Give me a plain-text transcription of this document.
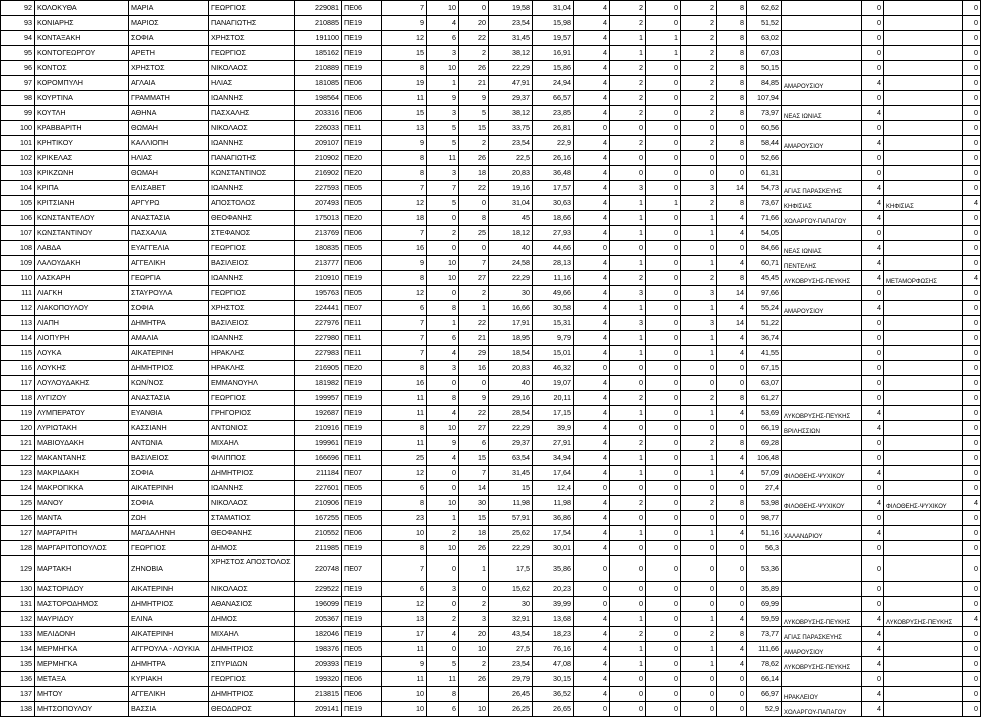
92	ΚΟΛΟΚΥΘΑ	ΜΑΡΙΑ	ΓΕΩΡΓΙΟΣ	229081	ΠΕ06	7	10	0	19,58	31,04	4	2	0	2	8	62,62		0		0
93	ΚΟΝΙΑΡΗΣ	ΜΑΡΙΟΣ	ΠΑΝΑΓΙΩΤΗΣ	210885	ΠΕ19	9	4	20	23,54	15,98	4	2	0	2	8	51,52		0		0
94	ΚΟΝΤΑΞΑΚΗ	ΣΟΦΙΑ	ΧΡΗΣΤΟΣ	191100	ΠΕ19	12	6	22	31,45	19,57	4	1	1	2	8	63,02		0		0
95	ΚΟΝΤΟΓΕΩΡΓΟΥ	ΑΡΕΤΗ	ΓΕΩΡΓΙΟΣ	185162	ΠΕ19	15	3	2	38,12	16,91	4	1	1	2	8	67,03		0		0
96	ΚΟΝΤΟΣ	ΧΡΗΣΤΟΣ	ΝΙΚΟΛΑΟΣ	210889	ΠΕ19	8	10	26	22,29	15,86	4	2	0	2	8	50,15		0		0
97	ΚΟΡΟΜΠΥΛΗ	ΑΓΛΑΙΑ	ΗΛΙΑΣ	181085	ΠΕ06	19	1	21	47,91	24,94	4	2	0	2	8	84,85	ΑΜΑΡΟΥΣΙΟΥ	4		0
98	ΚΟΥΡΤΙΝΑ	ΓΡΑΜΜΑΤΗ	ΙΩΑΝΝΗΣ	198564	ΠΕ06	11	9	9	29,37	66,57	4	2	0	2	8	107,94		0		0
99	ΚΟΥΤΛΗ	ΑΘΗΝΑ	ΠΑΣΧΑΛΗΣ	203316	ΠΕ06	15	3	5	38,12	23,85	4	2	0	2	8	73,97	ΝΕΑΣ ΙΩΝΙΑΣ	4		0
100	ΚΡΑΒΒΑΡΙΤΗ	ΘΩΜΑΗ	ΝΙΚΟΛΑΟΣ	226033	ΠΕ11	13	5	15	33,75	26,81	0	0	0	0	0	60,56		0		0
101	ΚΡΗΤΙΚΟΥ	ΚΑΛΛΙΟΠΗ	ΙΩΑΝΝΗΣ	209107	ΠΕ19	9	5	2	23,54	22,9	4	2	0	2	8	58,44	ΑΜΑΡΟΥΣΙΟΥ	4		0
102	ΚΡΙΚΕΛΑΣ	ΗΛΙΑΣ	ΠΑΝΑΓΙΩΤΗΣ	210902	ΠΕ20	8	11	26	22,5	26,16	4	0	0	0	0	52,66		0		0
103	ΚΡΙΚΖΩΝΗ	ΘΩΜΑΗ	ΚΩΝΣΤΑΝΤΙΝΟΣ	216902	ΠΕ20	8	3	18	20,83	36,48	4	0	0	0	0	61,31		0		0
104	ΚΡΙΠΑ	ΕΛΙΣΑΒΕΤ	ΙΩΑΝΝΗΣ	227593	ΠΕ05	7	7	22	19,16	17,57	4	3	0	3	14	54,73	ΑΓΙΑΣ ΠΑΡΑΣΚΕΥΗΣ	4		0
105	ΚΡΙΤΣΙΑΝΗ	ΑΡΓΥΡΩ	ΑΠΟΣΤΟΛΟΣ	207493	ΠΕ05	12	5	0	31,04	30,63	4	1	1	2	8	73,67	ΚΗΦΙΣΙΑΣ	4	ΚΗΦΙΣΙΑΣ	4
106	ΚΩΝΣΤΑΝΤΕΛΟΥ	ΑΝΑΣΤΑΣΙΑ	ΘΕΟΦΑΝΗΣ	175013	ΠΕ20	18	0	8	45	18,66	4	1	0	1	4	71,66	ΧΟΛΑΡΓΟΥ-ΠΑΠΑΓΟΥ	4		0
107	ΚΩΝΣΤΑΝΤΙΝΟΥ	ΠΑΣΧΑΛΙΑ	ΣΤΕΦΑΝΟΣ	213769	ΠΕ06	7	2	25	18,12	27,93	4	1	0	1	4	54,05		0		0
108	ΛΑΒΔΑ	ΕΥΑΓΓΕΛΙΑ	ΓΕΩΡΓΙΟΣ	180835	ΠΕ05	16	0	0	40	44,66	0	0	0	0	0	84,66	ΝΕΑΣ ΙΩΝΙΑΣ	4		0
109	ΛΑΛΟΥΔΑΚΗ	ΑΓΓΕΛΙΚΗ	ΒΑΣΙΛΕΙΟΣ	213777	ΠΕ06	9	10	7	24,58	28,13	4	1	0	1	4	60,71	ΠΕΝΤΕΛΗΣ	4		0
110	ΛΑΣΚΑΡΗ	ΓΕΩΡΓΙΑ	ΙΩΑΝΝΗΣ	210910	ΠΕ19	8	10	27	22,29	11,16	4	2	0	2	8	45,45	ΛΥΚΟΒΡΥΣΗΣ-ΠΕΥΚΗΣ	4	ΜΕΤΑΜΟΡΦΩΣΗΣ	4
111	ΛΙΑΓΚΗ	ΣΤΑΥΡΟΥΛΑ	ΓΕΩΡΓΙΟΣ	195763	ΠΕ05	12	0	2	30	49,66	4	3	0	3	14	97,66		0		0
112	ΛΙΑΚΟΠΟΥΛΟΥ	ΣΟΦΙΑ	ΧΡΗΣΤΟΣ	224441	ΠΕ07	6	8	1	16,66	30,58	4	1	0	1	4	55,24	ΑΜΑΡΟΥΣΙΟΥ	4		0
113	ΛΙΑΠΗ	ΔΗΜΗΤΡΑ	ΒΑΣΙΛΕΙΟΣ	227976	ΠΕ11	7	1	22	17,91	15,31	4	3	0	3	14	51,22		0		0
114	ΛΙΟΠΥΡΗ	ΑΜΑΛΙΑ	ΙΩΑΝΝΗΣ	227980	ΠΕ11	7	6	21	18,95	9,79	4	1	0	1	4	36,74		0		0
115	ΛΟΥΚΑ	ΑΙΚΑΤΕΡΙΝΗ	ΗΡΑΚΛΗΣ	227983	ΠΕ11	7	4	29	18,54	15,01	4	1	0	1	4	41,55		0		0
116	ΛΟΥΚΗΣ	ΔΗΜΗΤΡΙΟΣ	ΗΡΑΚΛΗΣ	216905	ΠΕ20	8	3	16	20,83	46,32	0	0	0	0	0	67,15		0		0
117	ΛΟΥΛΟΥΔΑΚΗΣ	ΚΩΝ/ΝΟΣ	ΕΜΜΑΝΟΥΗΛ	181982	ΠΕ19	16	0	0	40	19,07	4	0	0	0	0	63,07		0		0
118	ΛΥΓΙΖΟΥ	ΑΝΑΣΤΑΣΙΑ	ΓΕΩΡΓΙΟΣ	199957	ΠΕ19	11	8	9	29,16	20,11	4	2	0	2	8	61,27		0		0
119	ΛΥΜΠΕΡΑΤΟΥ	ΕΥΑΝΘΙΑ	ΓΡΗΓΟΡΙΟΣ	192687	ΠΕ19	11	4	22	28,54	17,15	4	1	0	1	4	53,69	ΛΥΚΟΒΡΥΣΗΣ-ΠΕΥΚΗΣ	4		0
120	ΛΥΡΙΩΤΑΚΗ	ΚΑΣΣΙΑΝΗ	ΑΝΤΩΝΙΟΣ	210916	ΠΕ19	8	10	27	22,29	39,9	4	0	0	0	0	66,19	ΒΡΙΛΗΣΣΙΩΝ	4		0
121	ΜΑΒΙΟΥΔΑΚΗ	ΑΝΤΩΝΙΑ	ΜΙΧΑΗΛ	199961	ΠΕ19	11	9	6	29,37	27,91	4	2	0	2	8	69,28		0		0
122	ΜΑΚΑΝΤΑΝΗΣ	ΒΑΣΙΛΕΙΟΣ	ΦΙΛΙΠΠΟΣ	166696	ΠΕ11	25	4	15	63,54	34,94	4	1	0	1	4	106,48		0		0
123	ΜΑΚΡΙΔΑΚΗ	ΣΟΦΙΑ	ΔΗΜΗΤΡΙΟΣ	211184	ΠΕ07	12	0	7	31,45	17,64	4	1	0	1	4	57,09	ΦΙΛΟΘΕΗΣ-ΨΥΧΙΚΟΥ	4		0
124	ΜΑΚΡΟΓΙΚΚΑ	ΑΙΚΑΤΕΡΙΝΗ	ΙΩΑΝΝΗΣ	227601	ΠΕ05	6	0	14	15	12,4	0	0	0	0	0	27,4		0		0
125	ΜΑΝΟΥ	ΣΟΦΙΑ	ΝΙΚΟΛΑΟΣ	210906	ΠΕ19	8	10	30	11,98	11,98	4	2	0	2	8	53,98	ΦΙΛΟΘΕΗΣ-ΨΥΧΙΚΟΥ	4	ΦΙΛΟΘΕΗΣ-ΨΥΧΙΚΟΥ	4
126	ΜΑΝΤΑ	ΖΩΗ	ΣΤΑΜΑΤΙΟΣ	167255	ΠΕ05	23	1	15	57,91	36,86	4	0	0	0	0	98,77		0		0
127	ΜΑΡΓΑΡΙΤΗ	ΜΑΓΔΑΛΗΝΗ	ΘΕΟΦΑΝΗΣ	210552	ΠΕ06	10	2	18	25,62	17,54	4	1	0	1	4	51,16	ΧΑΛΑΝΔΡΙΟΥ	4		0
128	ΜΑΡΓΑΡΙΤΟΠΟΥΛΟΣ	ΓΕΩΡΓΙΟΣ	ΔΗΜΟΣ	211985	ΠΕ19	8	10	26	22,29	30,01	4	0	0	0	0	56,3		0		0
129	ΜΑΡΤΑΚΗ	ΖΗΝΟΒΙΑ	ΧΡΗΣΤΟΣ ΑΠΟΣΤΟΛΟΣ	220748	ΠΕ07	7	0	1	17,5	35,86	0	0	0	0	0	53,36		0		0
130	ΜΑΣΤΟΡΙΔΟΥ	ΑΙΚΑΤΕΡΙΝΗ	ΝΙΚΟΛΑΟΣ	229522	ΠΕ19	6	3	0	15,62	20,23	0	0	0	0	0	35,89		0		0
131	ΜΑΣΤΟΡΟΔΗΜΟΣ	ΔΗΜΗΤΡΙΟΣ	ΑΘΑΝΑΣΙΟΣ	196099	ΠΕ19	12	0	2	30	39,99	0	0	0	0	0	69,99		0		0
132	ΜΑΥΡΙΔΟΥ	ΕΛΙΝΑ	ΔΗΜΟΣ	205367	ΠΕ19	13	2	3	32,91	13,68	4	1	0	1	4	59,59	ΛΥΚΟΒΡΥΣΗΣ-ΠΕΥΚΗΣ	4	ΛΥΚΟΒΡΥΣΗΣ-ΠΕΥΚΗΣ	4
133	ΜΕΛΙΔΟΝΗ	ΑΙΚΑΤΕΡΙΝΗ	ΜΙΧΑΗΛ	182046	ΠΕ19	17	4	20	43,54	18,23	4	2	0	2	8	73,77	ΑΓΙΑΣ ΠΑΡΑΣΚΕΥΗΣ	4		0
134	ΜΕΡΜΗΓΚΑ	ΑΓΓΡΟΥΛΑ - ΛΟΥΚΙΑ	ΔΗΜΗΤΡΙΟΣ	198376	ΠΕ05	11	0	10	27,5	76,16	4	1	0	1	4	111,66	ΑΜΑΡΟΥΣΙΟΥ	4		0
135	ΜΕΡΜΗΓΚΑ	ΔΗΜΗΤΡΑ	ΣΠΥΡΙΔΩΝ	209393	ΠΕ19	9	5	2	23,54	47,08	4	1	0	1	4	78,62	ΛΥΚΟΒΡΥΣΗΣ-ΠΕΥΚΗΣ	4		0
136	ΜΕΤΑΞΑ	ΚΥΡΙΑΚΗ	ΓΕΩΡΓΙΟΣ	199320	ΠΕ06	11	11	26	29,79	30,15	4	0	0	0	0	66,14		0		0
137	ΜΗΤΟΥ	ΑΓΓΕΛΙΚΗ	ΔΗΜΗΤΡΙΟΣ	213815	ΠΕ06	10	8		26,45	36,52	4	0	0	0	0	66,97	ΗΡΑΚΛΕΙΟΥ	4		0
138	ΜΗΤΣΟΠΟΥΛΟΥ	ΒΑΣΣΙΑ	ΘΕΟΔΩΡΟΣ	209141	ΠΕ19	10	6	10	26,25	26,65	0	0	0	0	0	52,9	ΧΟΛΑΡΓΟΥ-ΠΑΠΑΓΟΥ	4		0
